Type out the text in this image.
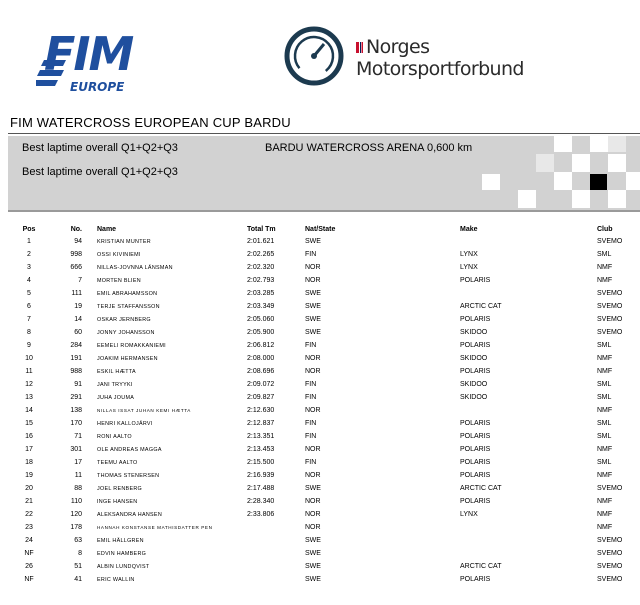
FIM
EUROPE
Norges
Motorsportforbund
FIM WATERCROSS EUROPEAN CUP BARDU
Best laptime overall Q1+Q2+Q3	BARDU WATERCROSS ARENA 0,600 km
Best laptime overall Q1+Q2+Q3
Pos	No.		Name	Total Tm	Nat/State	Make	Club
1	94		KRISTIAN MUNTER	2:01.621	SWE		SVEMO
2	998		OSSI KIVINIEMI	2:02.265	FIN	LYNX	SML
3	666		NILLAS-JOVNNA LÄNSMAN	2:02.320	NOR	LYNX	NMF
4	7		MORTEN BLIEN	2:02.793	NOR	POLARIS	NMF
5	111		EMIL ABRAHAMSSON	2:03.285	SWE		SVEMO
6	19		TERJE STAFFANSSON	2:03.349	SWE	ARCTIC CAT	SVEMO
7	14		OSKAR JERNBERG	2:05.060	SWE	POLARIS	SVEMO
8	60		JONNY JOHANSSON	2:05.900	SWE	SKIDOO	SVEMO
9	284		EEMELI ROMAKKANIEMI	2:06.812	FIN	POLARIS	SML
10	191		JOAKIM HERMANSEN	2:08.000	NOR	SKIDOO	NMF
11	988		ESKIL HÆTTA	2:08.696	NOR	POLARIS	NMF
12	91		JANI TRYYKI	2:09.072	FIN	SKIDOO	SML
13	291		JUHA JOUMA	2:09.827	FIN	SKIDOO	SML
14	138		NILLAS ISSAT JUHAN KEMI HÆTTA	2:12.630	NOR		NMF
15	170		HENRI KALLOJÄRVI	2:12.837	FIN	POLARIS	SML
16	71		RONI AALTO	2:13.351	FIN	POLARIS	SML
17	301		OLE ANDREAS MAGGA	2:13.453	NOR	POLARIS	NMF
18	17		TEEMU AALTO	2:15.500	FIN	POLARIS	SML
19	11		THOMAS STENERSEN	2:16.939	NOR	POLARIS	NMF
20	88		JOEL RENBERG	2:17.488	SWE	ARCTIC CAT	SVEMO
21	110		INGE HANSEN	2:28.340	NOR	POLARIS	NMF
22	120		ALEKSANDRA HANSEN	2:33.806	NOR	LYNX	NMF
23	178		HANNAH KONSTANSE MATHISDATTER PEN		NOR		NMF
24	63		EMIL HÄLLGREN		SWE		SVEMO
NF	8		EDVIN HAMBERG		SWE		SVEMO
26	51		ALBIN LUNDQVIST		SWE	ARCTIC CAT	SVEMO
NF	41		ERIC WALLIN		SWE	POLARIS	SVEMO
